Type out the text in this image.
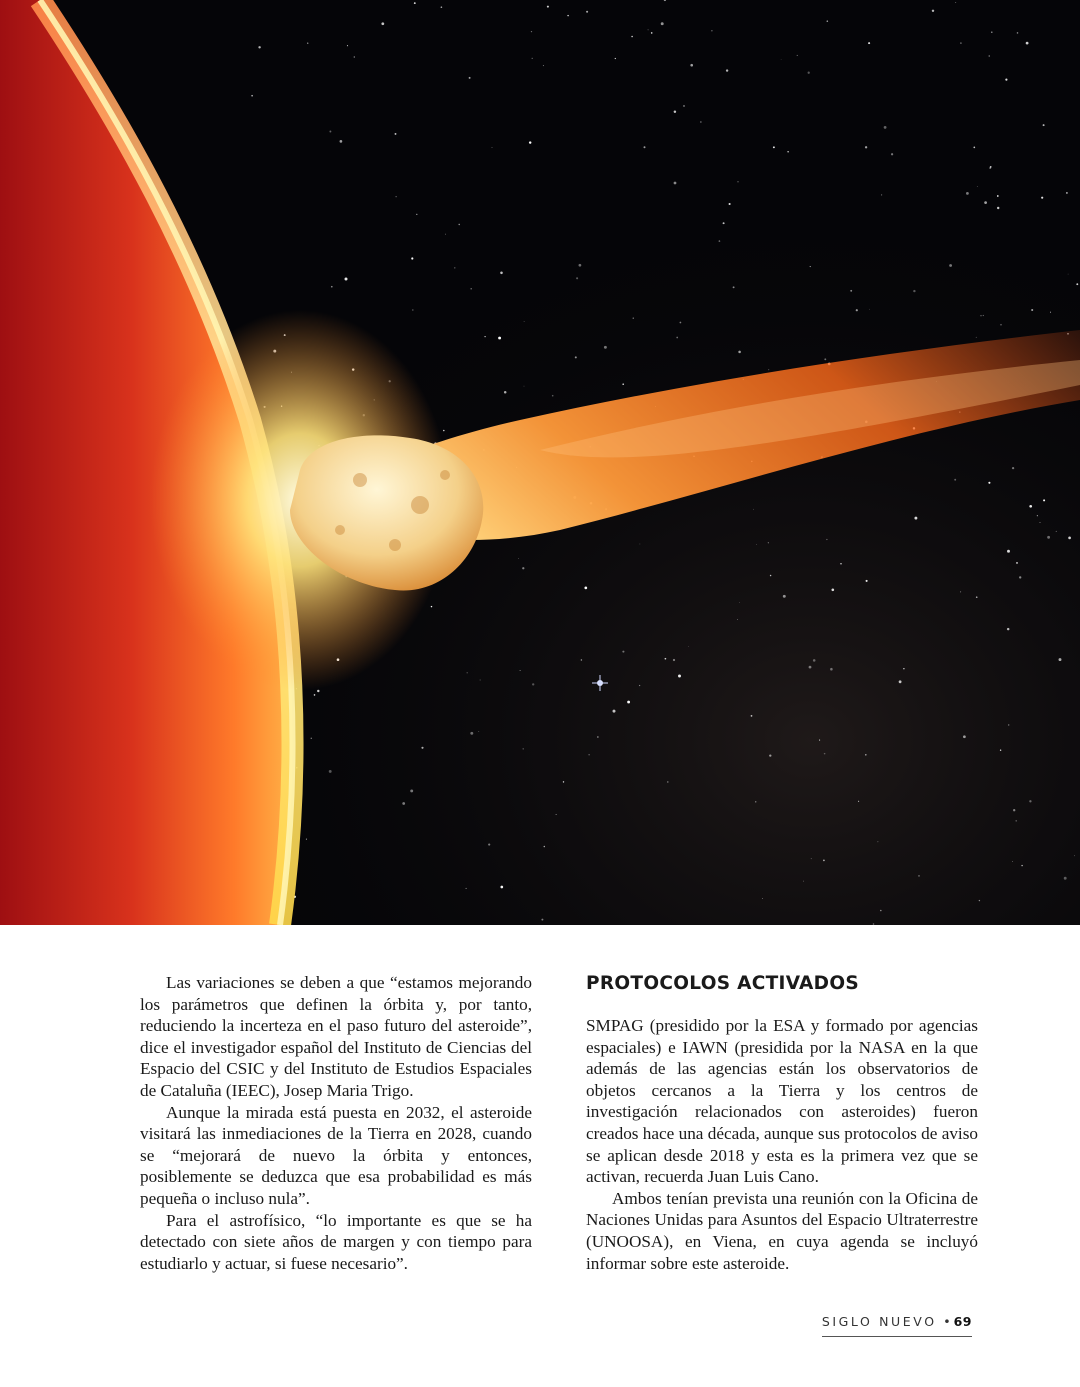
Las variaciones se deben a que “estamos mejorando los parámetros que definen la órbita y, por tanto, reduciendo la incerteza en el paso futuro del asteroide”, dice el investigador español del Instituto de Ciencias del Espacio del CSIC y del Instituto de Estudios Espaciales de Cataluña (IEEC), Josep Maria Trigo.

Aunque la mirada está puesta en 2032, el asteroide visitará las inmediaciones de la Tierra en 2028, cuando se “mejorará de nuevo la órbita y entonces, posiblemente se deduzca que esa probabilidad es más pequeña o incluso nula”.

Para el astrofísico, “lo importante es que se ha detectado con siete años de margen y con tiempo para estudiarlo y actuar, si fuese necesario”.

PROTOCOLOS ACTIVADOS

SMPAG (presidido por la ESA y formado por agencias espaciales) e IAWN (presidida por la NASA en la que además de las agencias están los observatorios de objetos cercanos a la Tierra y los centros de investigación relacionados con asteroides) fueron creados hace una década, aunque sus protocolos de aviso se aplican desde 2018 y esta es la primera vez que se activan, recuerda Juan Luis Cano.

Ambos tenían prevista una reunión con la Oficina de Naciones Unidas para Asuntos del Espacio Ultraterrestre (UNOOSA), en Viena, en cuya agenda se incluyó informar sobre este asteroide.

SIGLO NUEVO • 69
